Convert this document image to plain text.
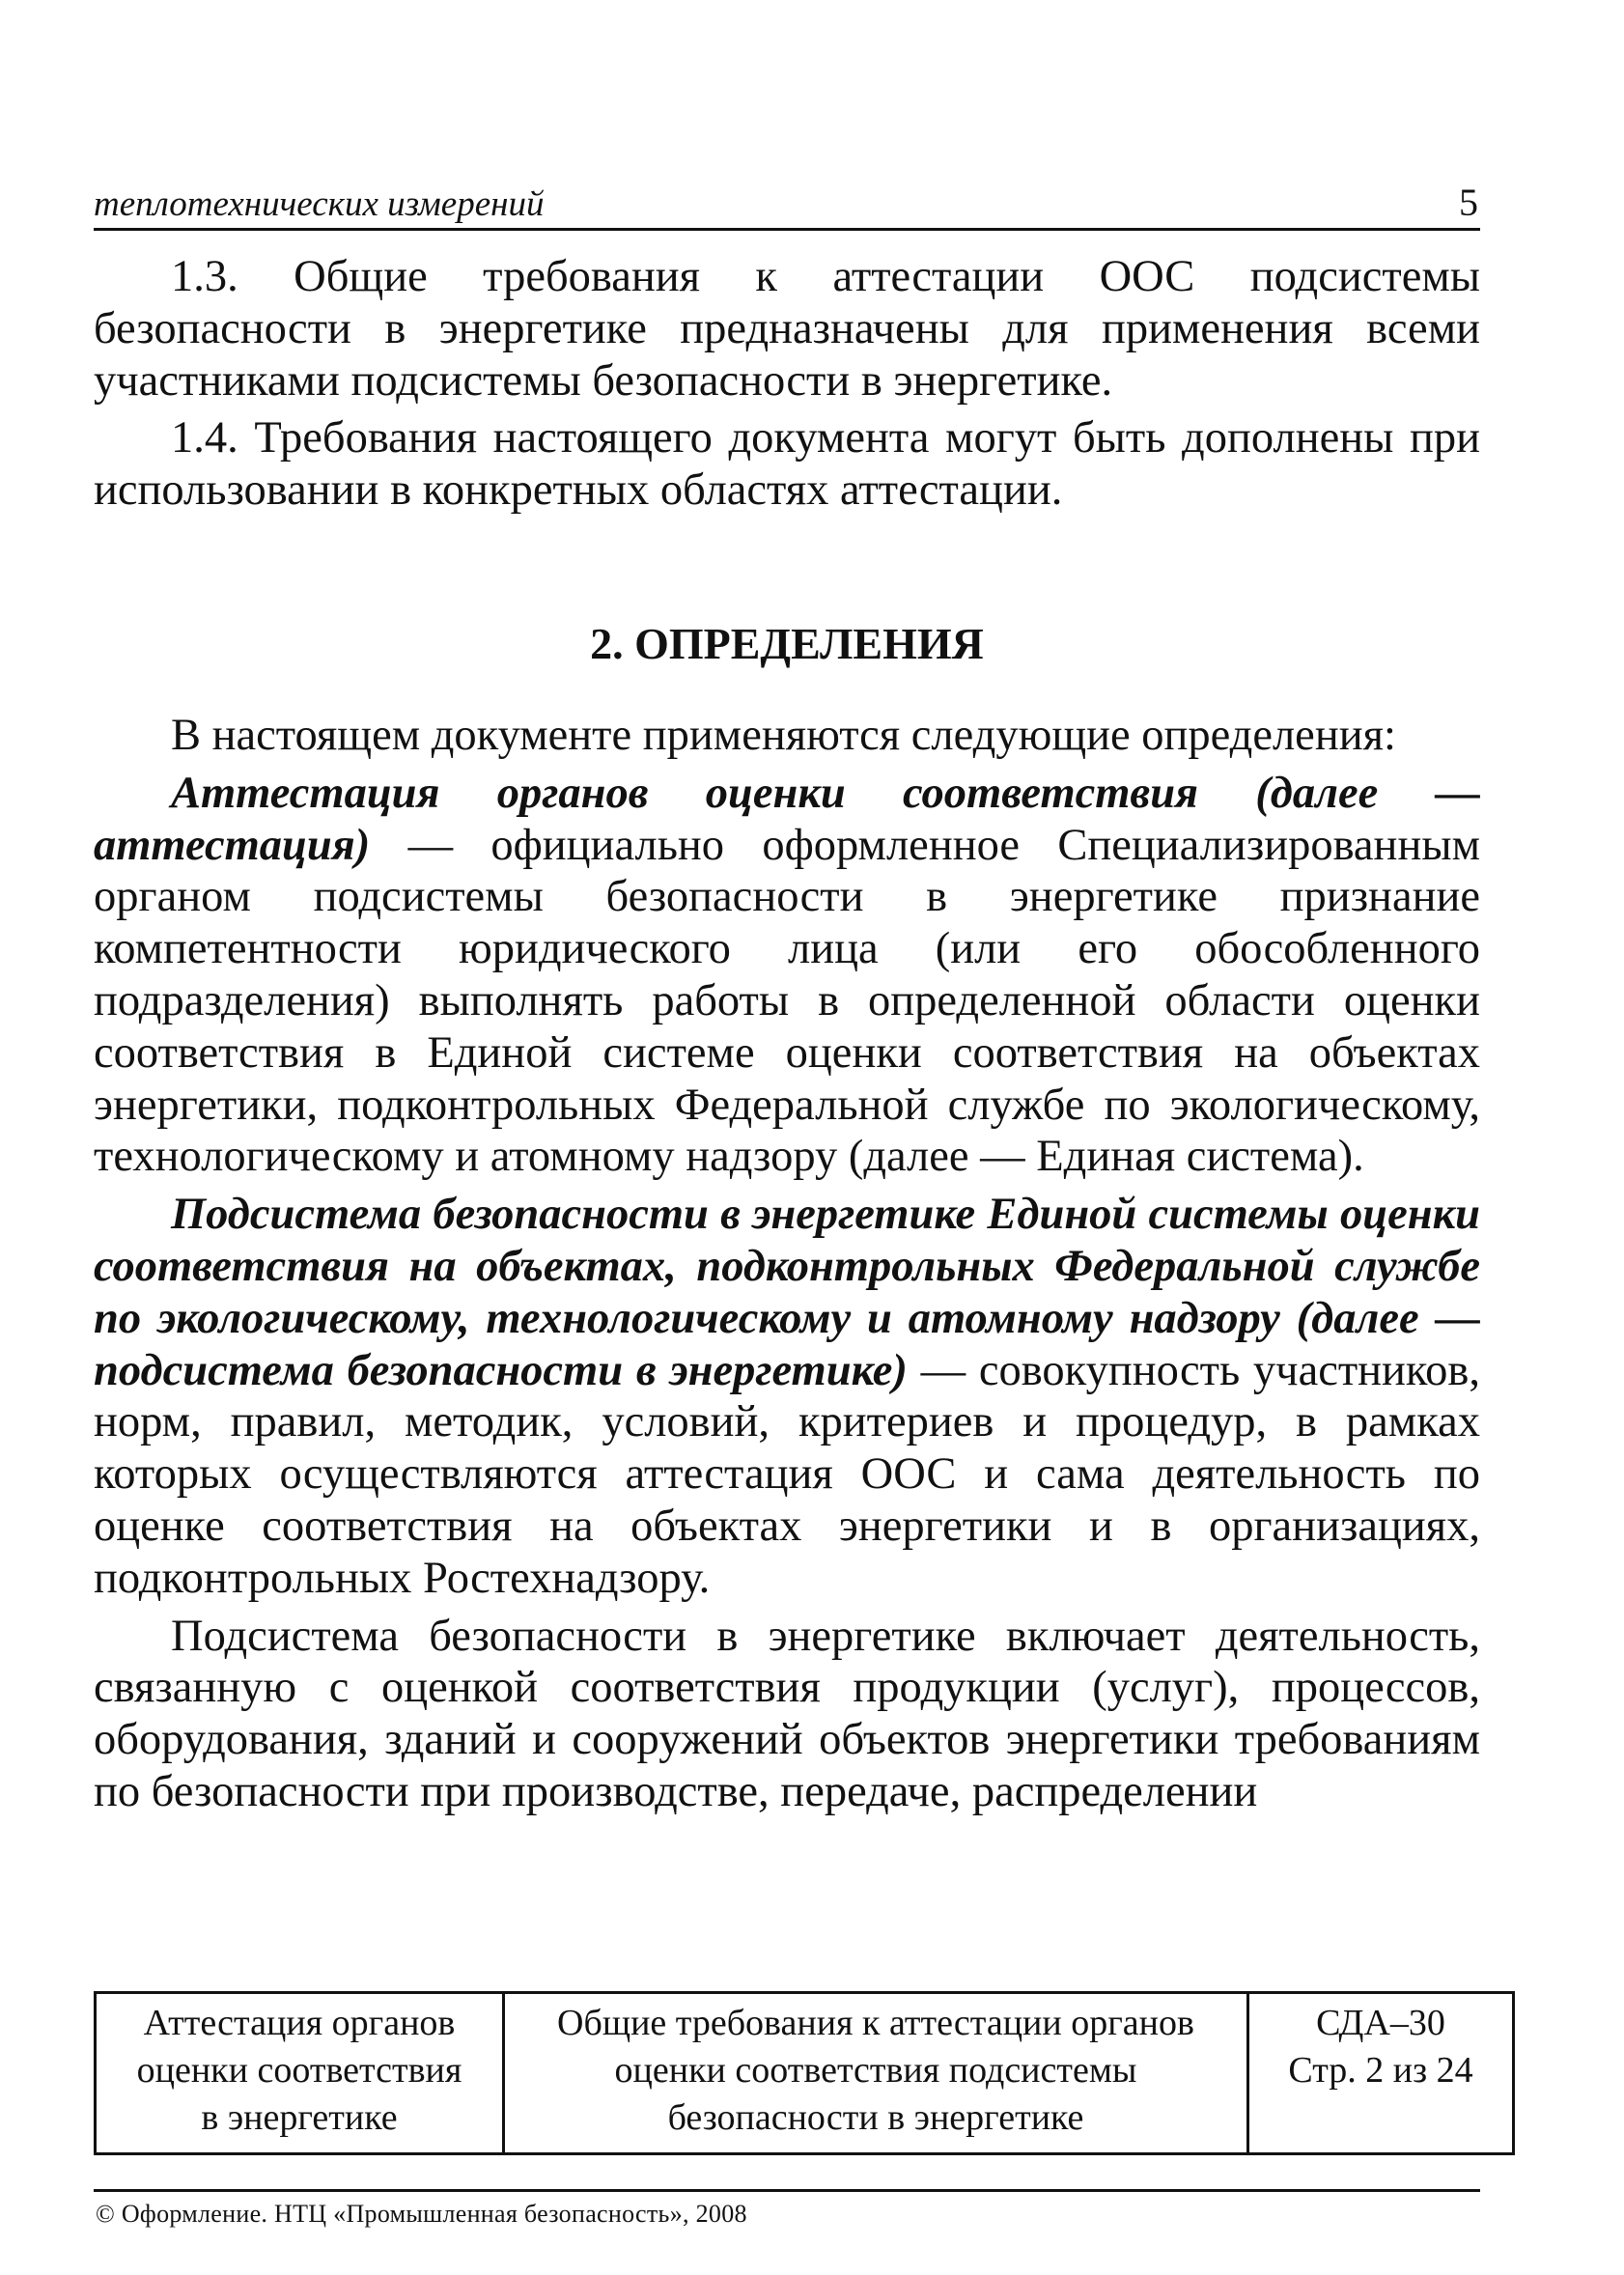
теплотехнических измерений	5

1.3. Общие требования к аттестации ООС подсистемы безопасности в энергетике предназначены для применения всеми участниками подсистемы безопасности в энергетике.

1.4. Требования настоящего документа могут быть дополнены при использовании в конкретных областях аттестации.

2. ОПРЕДЕЛЕНИЯ

В настоящем документе применяются следующие определения:

Аттестация органов оценки соответствия (далее — аттестация) — официально оформленное Специализированным органом подсистемы безопасности в энергетике признание компетентности юридического лица (или его обособленного подразделения) выполнять работы в определенной области оценки соответствия в Единой системе оценки соответствия на объектах энергетики, подконтрольных Федеральной службе по экологическому, технологическому и атомному надзору (далее — Единая система).

Подсистема безопасности в энергетике Единой системы оценки соответствия на объектах, подконтрольных Федеральной службе по экологическому, технологическому и атомному надзору (далее — подсистема безопасности в энергетике) — совокупность участников, норм, правил, методик, условий, критериев и процедур, в рамках которых осуществляются аттестация ООС и сама деятельность по оценке соответствия на объектах энергетики и в организациях, подконтрольных Ростехнадзору.

Подсистема безопасности в энергетике включает деятельность, связанную с оценкой соответствия продукции (услуг), процессов, оборудования, зданий и сооружений объектов энергетики требованиям по безопасности при производстве, передаче, распределении

Аттестация органов
оценки соответствия
в энергетике

Общие требования к аттестации органов
оценки соответствия подсистемы
безопасности в энергетике

СДА–30
Стр. 2 из 24
© Оформление. НТЦ «Промышленная безопасность», 2008
